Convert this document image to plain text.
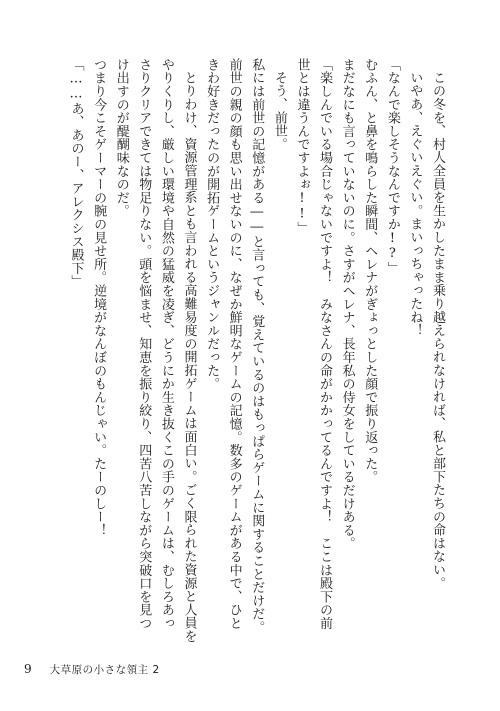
この冬を、村人全員を生かしたまま乗り越えられなければ、私と部下たちの命はない。

いやあ、えぐいえぐい。まいっちゃったね！

「なんで楽しそうなんですか!?」

むふん、と鼻を鳴らした瞬間、ヘレナがぎょっとした顔で振り返った。

まだなにも言っていないのに。さすがヘレナ、長年私の侍女をしているだけある。

「楽しんでいる場合じゃないですよ！　みなさんの命がかかってるんですよ！　ここは殿下の前世とは違うんですよぉ!!」

そう、前世。

私には前世の記憶がある――と言っても、覚えているのはもっぱらゲームに関することだけだ。

前世の親の顔も思い出せないのに、なぜか鮮明なゲームの記憶。数多のゲームがある中で、ひときわ好きだったのが開拓ゲームというジャンルだった。

とりわけ、資源管理系とも言われる高難易度の開拓ゲームは面白い。ごく限られた資源と人員をやりくりし、厳しい環境や自然の猛威を凌ぎ、どうにか生き抜くこの手のゲームは、むしろあっさりクリアできては物足りない。頭を悩ませ、知恵を振り絞り、四苦八苦しながら突破口を見つけ出すのが醍醐味なのだ。

つまり今こそゲーマーの腕の見せ所。逆境がなんぼのもんじゃい。たーのしー！

「……あ、あのー、アレクシス殿下」

9 大草原の小さな領主 2
